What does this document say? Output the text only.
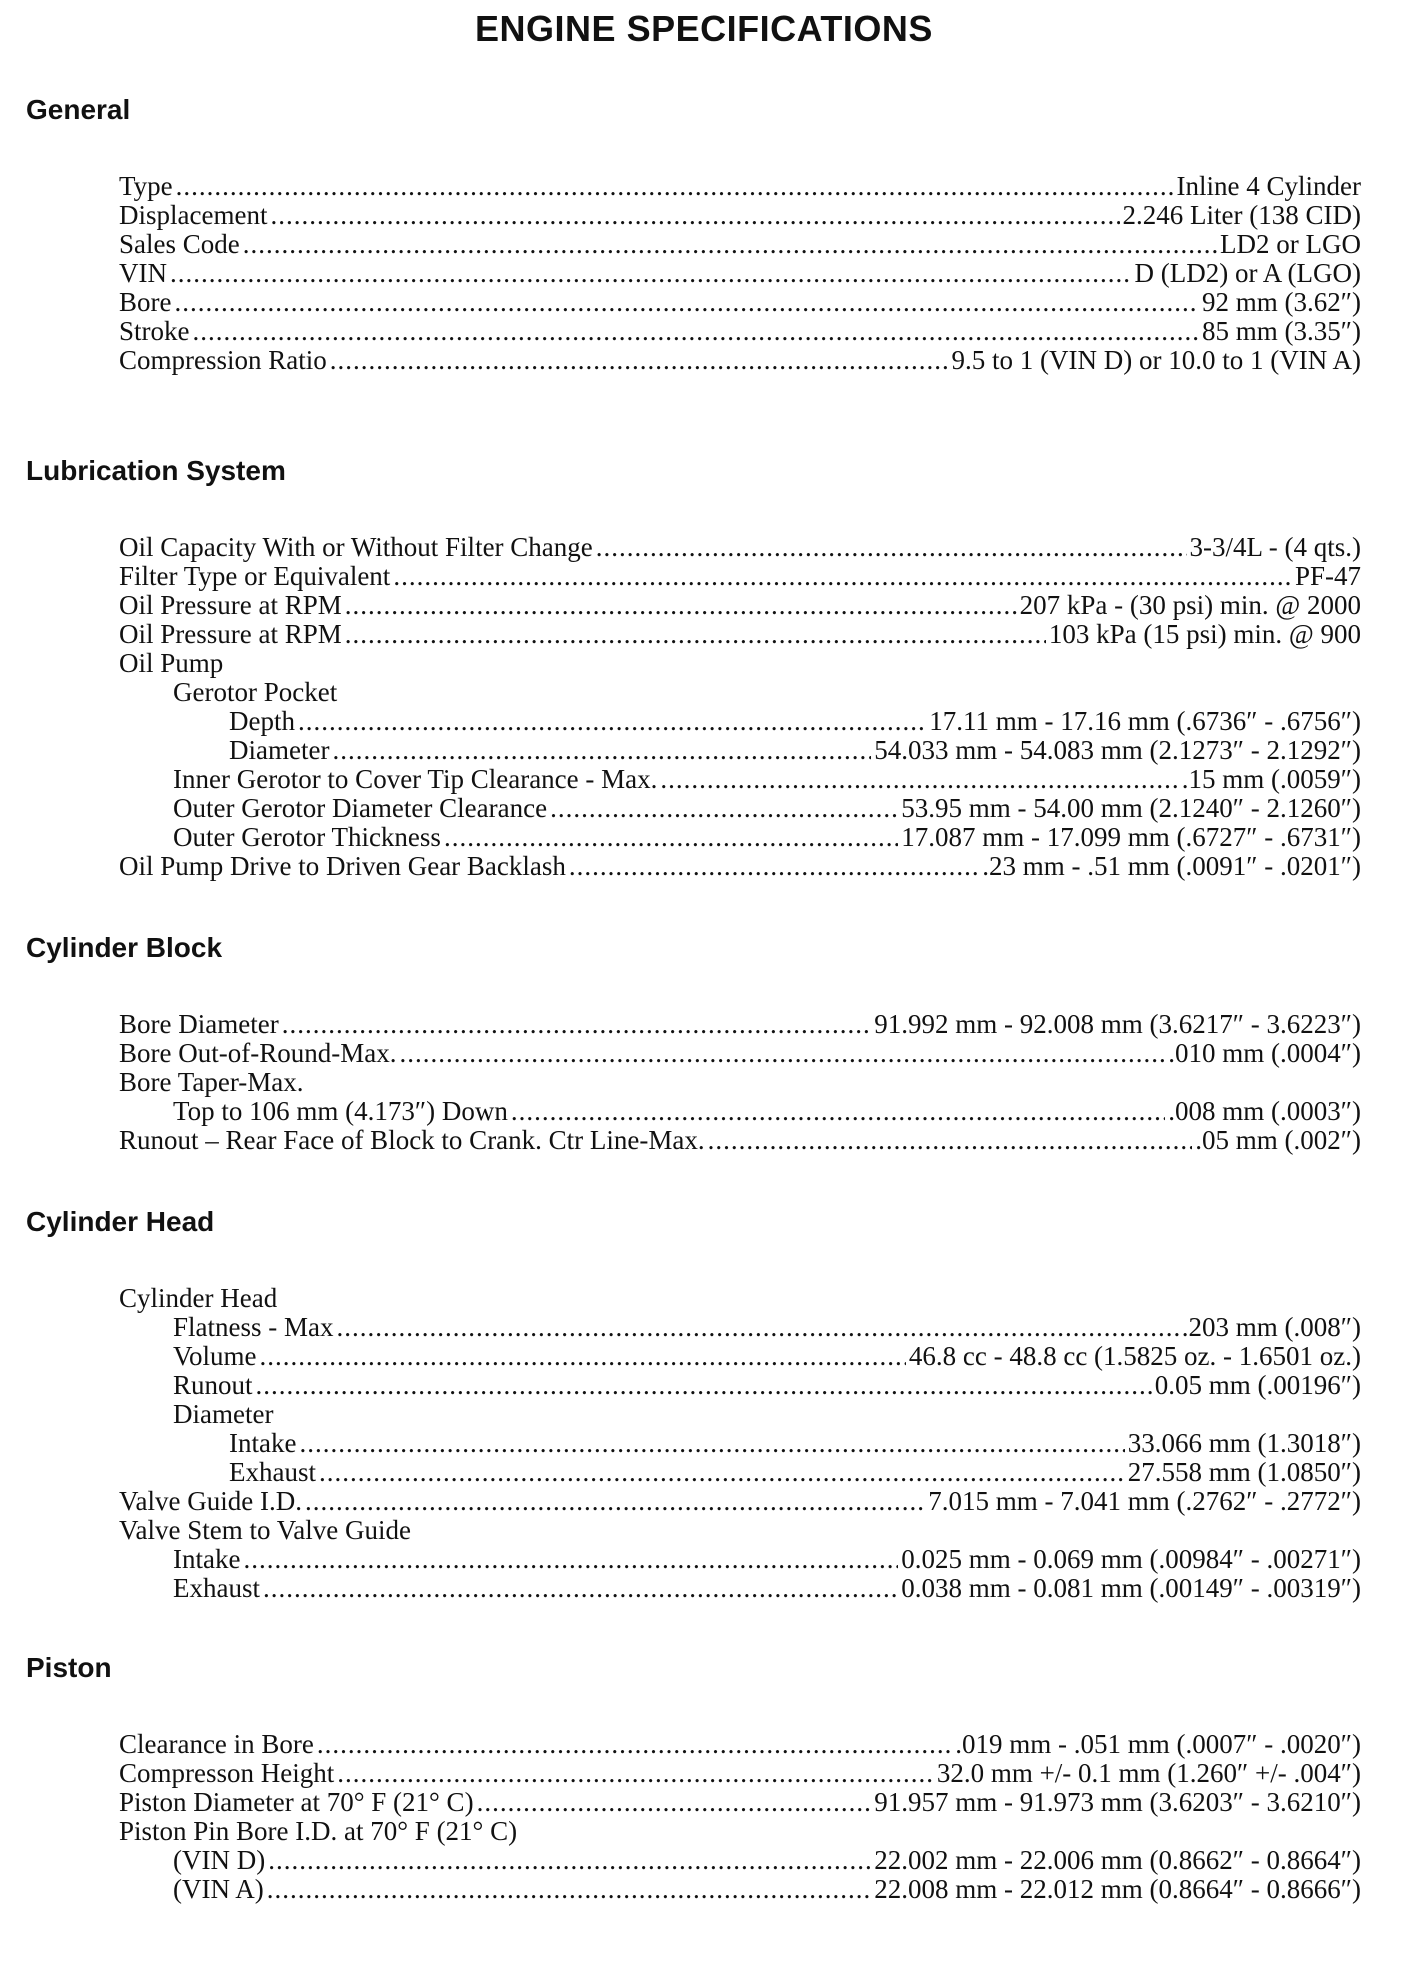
ENGINE SPECIFICATIONS
General
Type .....	Inline 4 Cylinder
Displacement .....	2.246 Liter (138 CID)
Sales Code .....	LD2 or LGO
VIN .....	D (LD2) or A (LGO)
Bore .....	92 mm (3.62″)
Stroke .....	85 mm (3.35″)
Compression Ratio .....	9.5 to 1 (VIN D) or 10.0 to 1 (VIN A)
Lubrication System
Oil Capacity With or Without Filter Change .....	3-3/4L - (4 qts.)
Filter Type or Equivalent .....	PF-47
Oil Pressure at RPM .....	207 kPa - (30 psi) min. @ 2000
Oil Pressure at RPM .....	103 kPa (15 psi) min. @ 900
Oil Pump
Gerotor Pocket
Depth .....	17.11 mm - 17.16 mm (.6736″ - .6756″)
Diameter .....	54.033 mm - 54.083 mm (2.1273″ - 2.1292″)
Inner Gerotor to Cover Tip Clearance - Max. .....	.15 mm (.0059″)
Outer Gerotor Diameter Clearance .....	53.95 mm - 54.00 mm (2.1240″ - 2.1260″)
Outer Gerotor Thickness .....	17.087 mm - 17.099 mm (.6727″ - .6731″)
Oil Pump Drive to Driven Gear Backlash .....	.23 mm - .51 mm (.0091″ - .0201″)
Cylinder Block
Bore Diameter .....	91.992 mm - 92.008 mm (3.6217″ - 3.6223″)
Bore Out-of-Round-Max. .....	.010 mm (.0004″)
Bore Taper-Max.
Top to 106 mm (4.173″) Down .....	.008 mm (.0003″)
Runout – Rear Face of Block to Crank. Ctr Line-Max. .....	.05 mm (.002″)
Cylinder Head
Cylinder Head
Flatness - Max .....	.203 mm (.008″)
Volume .....	46.8 cc - 48.8 cc (1.5825 oz. - 1.6501 oz.)
Runout .....	0.05 mm (.00196″)
Diameter
Intake .....	33.066 mm (1.3018″)
Exhaust .....	27.558 mm (1.0850″)
Valve Guide I.D. .....	7.015 mm - 7.041 mm (.2762″ - .2772″)
Valve Stem to Valve Guide
Intake .....	0.025 mm - 0.069 mm (.00984″ - .00271″)
Exhaust .....	0.038 mm - 0.081 mm (.00149″ - .00319″)
Piston
Clearance in Bore .....	.019 mm - .051 mm (.0007″ - .0020″)
Compresson Height .....	32.0 mm +/- 0.1 mm (1.260″ +/- .004″)
Piston Diameter at 70° F (21° C) .....	91.957 mm - 91.973 mm (3.6203″ - 3.6210″)
Piston Pin Bore I.D. at 70° F (21° C)
(VIN D) .....	22.002 mm - 22.006 mm (0.8662″ - 0.8664″)
(VIN A) .....	22.008 mm - 22.012 mm (0.8664″ - 0.8666″)
